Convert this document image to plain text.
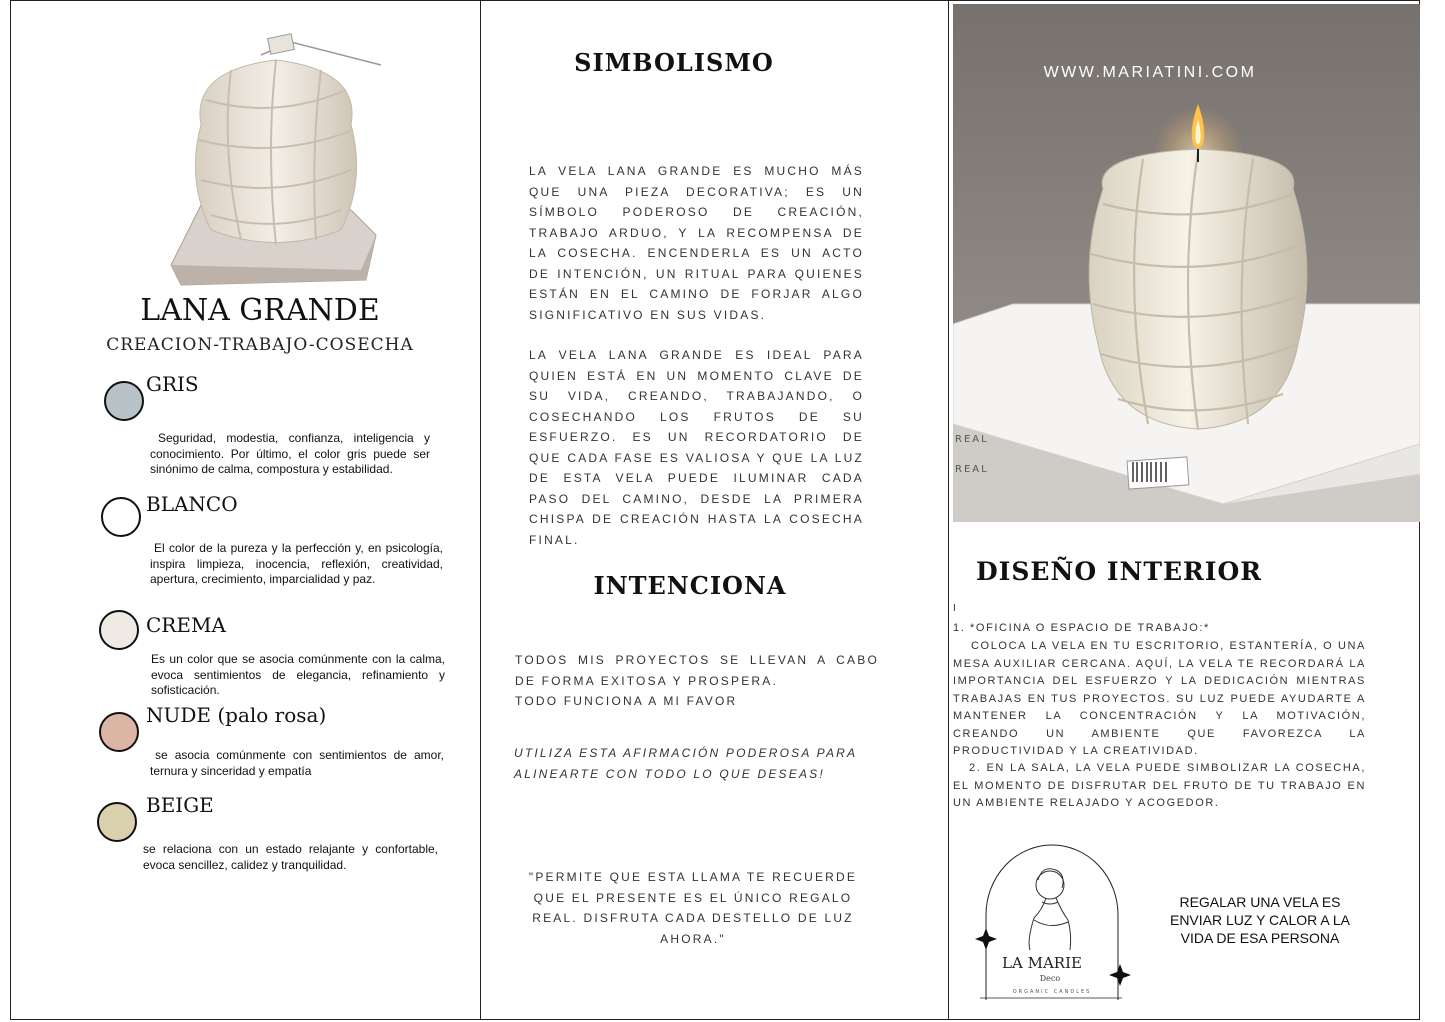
LANA GRANDE
CREACION-TRABAJO-COSECHA
GRIS
Seguridad, modestia, confianza, inteligencia y conocimiento. Por último, el color gris puede ser sinónimo de calma, compostura y estabilidad.
BLANCO
El color de la pureza y la perfección y, en psicología, inspira limpieza, inocencia, reflexión, creatividad, apertura, crecimiento, imparcialidad y paz.
CREMA
Es un color que se asocia comúnmente con la calma, evoca sentimientos de elegancia, refinamiento y sofisticación.
NUDE (palo rosa)
se asocia comúnmente con sentimientos de amor, ternura y sinceridad y empatía
BEIGE
se relaciona con un estado relajante y confortable, evoca sencillez, calidez y tranquilidad.
SIMBOLISMO
LA VELA LANA GRANDE ES MUCHO MÁS QUE UNA PIEZA DECORATIVA; ES UN SÍMBOLO PODEROSO DE CREACIÓN, TRABAJO ARDUO, Y LA RECOMPENSA DE LA COSECHA. ENCENDERLA ES UN ACTO DE INTENCIÓN, UN RITUAL PARA QUIENES ESTÁN EN EL CAMINO DE FORJAR ALGO SIGNIFICATIVO EN SUS VIDAS.
LA VELA LANA GRANDE ES IDEAL PARA QUIEN ESTÁ EN UN MOMENTO CLAVE DE SU VIDA, CREANDO, TRABAJANDO, O COSECHANDO LOS FRUTOS DE SU ESFUERZO. ES UN RECORDATORIO DE QUE CADA FASE ES VALIOSA Y QUE LA LUZ DE ESTA VELA PUEDE ILUMINAR CADA PASO DEL CAMINO, DESDE LA PRIMERA CHISPA DE CREACIÓN HASTA LA COSECHA FINAL.
INTENCIONA
TODOS MIS PROYECTOS SE LLEVAN A CABO DE FORMA EXITOSA Y PROSPERA.
TODO FUNCIONA A MI FAVOR
UTILIZA ESTA AFIRMACIÓN PODEROSA PARA ALINEARTE CON TODO LO QUE DESEAS!
"PERMITE QUE ESTA LLAMA TE RECUERDE QUE EL PRESENTE ES EL ÚNICO REGALO REAL. DISFRUTA CADA DESTELLO DE LUZ AHORA."
REAL
REAL
WWW.MARIATINI.COM
DISEÑO INTERIOR
I
1. *OFICINA O ESPACIO DE TRABAJO:*
COLOCA LA VELA EN TU ESCRITORIO, ESTANTERÍA, O UNA MESA AUXILIAR CERCANA. AQUÍ, LA VELA TE RECORDARÁ LA IMPORTANCIA DEL ESFUERZO Y LA DEDICACIÓN MIENTRAS TRABAJAS EN TUS PROYECTOS. SU LUZ PUEDE AYUDARTE A MANTENER LA CONCENTRACIÓN Y LA MOTIVACIÓN, CREANDO UN AMBIENTE QUE FAVOREZCA LA PRODUCTIVIDAD Y LA CREATIVIDAD.
2. EN LA SALA, LA VELA PUEDE SIMBOLIZAR LA COSECHA, EL MOMENTO DE DISFRUTAR DEL FRUTO DE TU TRABAJO EN UN AMBIENTE RELAJADO Y ACOGEDOR.
LA MARIE
Deco
ORGANIC CANDLES
REGALAR UNA VELA ES ENVIAR LUZ Y CALOR A LA VIDA DE ESA PERSONA
